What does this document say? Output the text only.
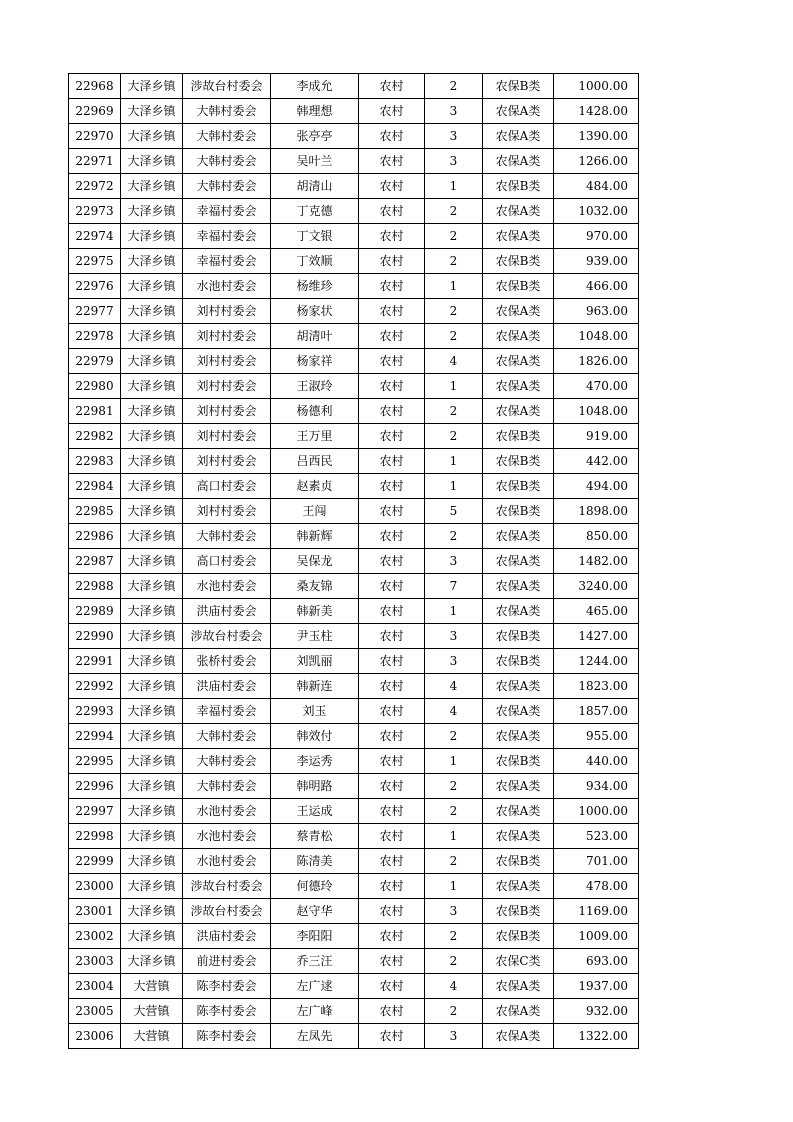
22968	大泽乡镇	涉故台村委会	李成允	农村	2	农保B类	1000.00
22969	大泽乡镇	大韩村委会	韩理想	农村	3	农保A类	1428.00
22970	大泽乡镇	大韩村委会	张亭亭	农村	3	农保A类	1390.00
22971	大泽乡镇	大韩村委会	吴叶兰	农村	3	农保A类	1266.00
22972	大泽乡镇	大韩村委会	胡清山	农村	1	农保B类	484.00
22973	大泽乡镇	幸福村委会	丁克德	农村	2	农保A类	1032.00
22974	大泽乡镇	幸福村委会	丁文银	农村	2	农保A类	970.00
22975	大泽乡镇	幸福村委会	丁效顺	农村	2	农保B类	939.00
22976	大泽乡镇	水池村委会	杨维珍	农村	1	农保B类	466.00
22977	大泽乡镇	刘村村委会	杨家状	农村	2	农保A类	963.00
22978	大泽乡镇	刘村村委会	胡清叶	农村	2	农保A类	1048.00
22979	大泽乡镇	刘村村委会	杨家祥	农村	4	农保A类	1826.00
22980	大泽乡镇	刘村村委会	王淑玲	农村	1	农保A类	470.00
22981	大泽乡镇	刘村村委会	杨德利	农村	2	农保A类	1048.00
22982	大泽乡镇	刘村村委会	王万里	农村	2	农保B类	919.00
22983	大泽乡镇	刘村村委会	吕西民	农村	1	农保B类	442.00
22984	大泽乡镇	高口村委会	赵素贞	农村	1	农保B类	494.00
22985	大泽乡镇	刘村村委会	王闯	农村	5	农保B类	1898.00
22986	大泽乡镇	大韩村委会	韩新辉	农村	2	农保A类	850.00
22987	大泽乡镇	高口村委会	吴保龙	农村	3	农保A类	1482.00
22988	大泽乡镇	水池村委会	桑友锦	农村	7	农保A类	3240.00
22989	大泽乡镇	洪庙村委会	韩新美	农村	1	农保A类	465.00
22990	大泽乡镇	涉故台村委会	尹玉柱	农村	3	农保B类	1427.00
22991	大泽乡镇	张桥村委会	刘凯丽	农村	3	农保B类	1244.00
22992	大泽乡镇	洪庙村委会	韩新连	农村	4	农保A类	1823.00
22993	大泽乡镇	幸福村委会	刘玉	农村	4	农保A类	1857.00
22994	大泽乡镇	大韩村委会	韩效付	农村	2	农保A类	955.00
22995	大泽乡镇	大韩村委会	李运秀	农村	1	农保B类	440.00
22996	大泽乡镇	大韩村委会	韩明路	农村	2	农保A类	934.00
22997	大泽乡镇	水池村委会	王运成	农村	2	农保A类	1000.00
22998	大泽乡镇	水池村委会	蔡青松	农村	1	农保A类	523.00
22999	大泽乡镇	水池村委会	陈清美	农村	2	农保B类	701.00
23000	大泽乡镇	涉故台村委会	何德玲	农村	1	农保A类	478.00
23001	大泽乡镇	涉故台村委会	赵守华	农村	3	农保B类	1169.00
23002	大泽乡镇	洪庙村委会	李阳阳	农村	2	农保B类	1009.00
23003	大泽乡镇	前进村委会	乔三汪	农村	2	农保C类	693.00
23004	大营镇	陈李村委会	左广逑	农村	4	农保A类	1937.00
23005	大营镇	陈李村委会	左广峰	农村	2	农保A类	932.00
23006	大营镇	陈李村委会	左凤先	农村	3	农保A类	1322.00
